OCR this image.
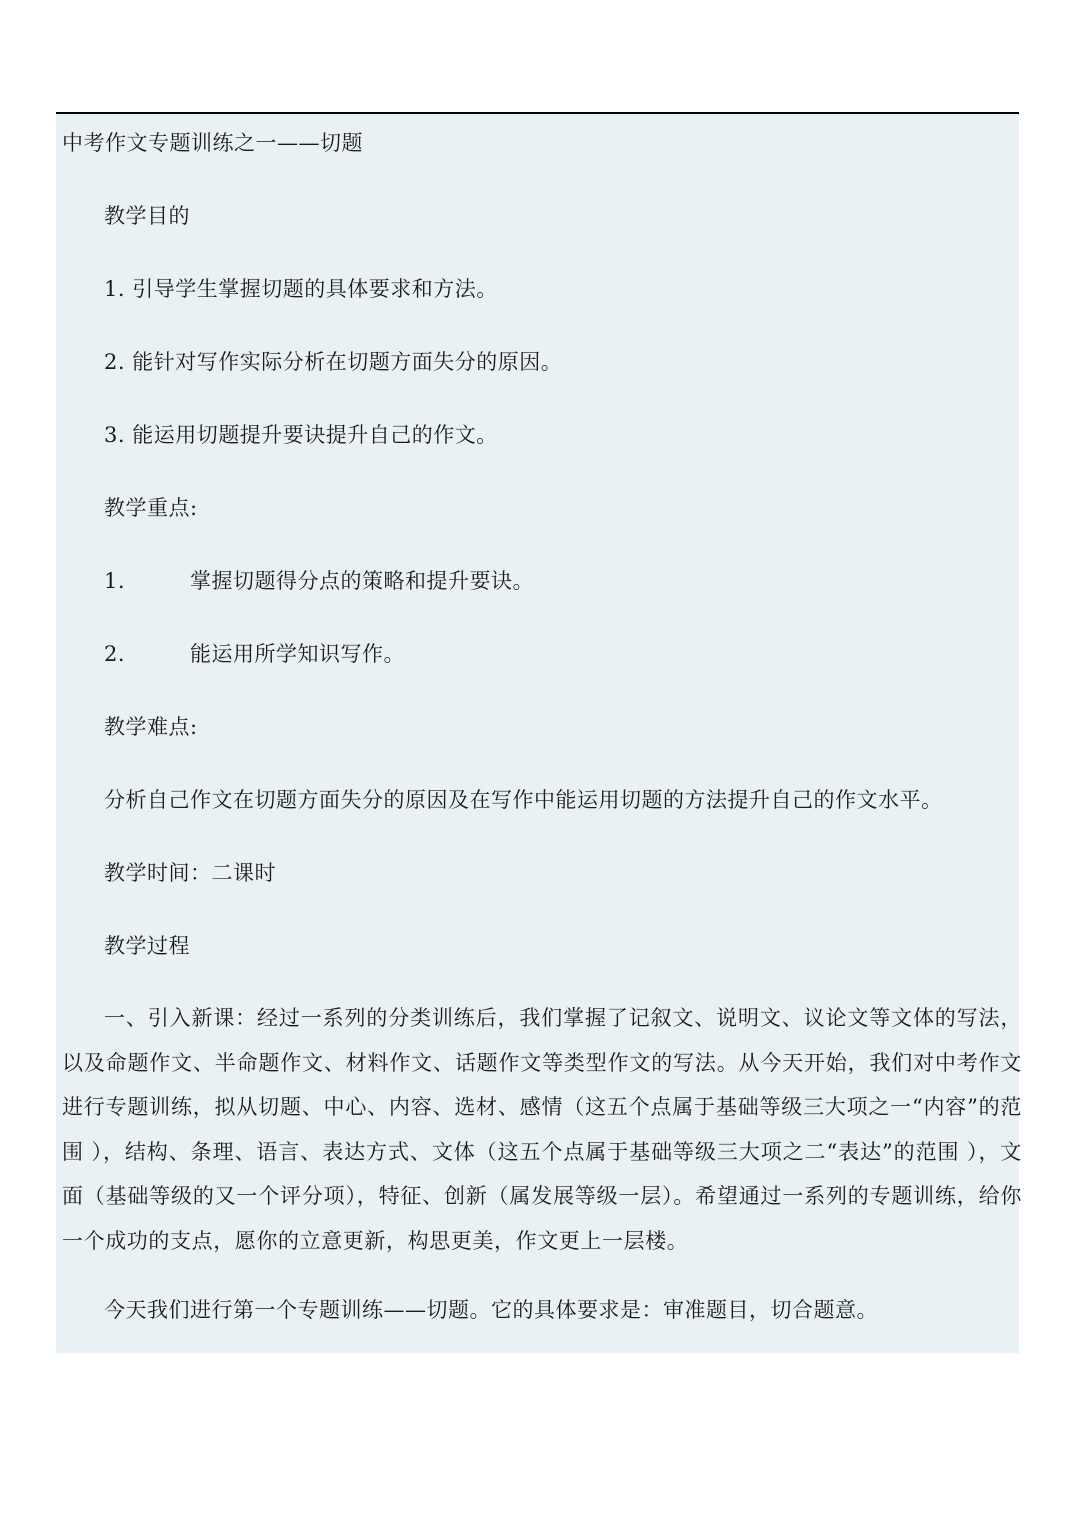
中考作文专题训练之一——切题
教学目的
1. 引导学生掌握切题的具体要求和方法。
2. 能针对写作实际分析在切题方面失分的原因。
3. 能运用切题提升要诀提升自己的作文。
教学重点:
1.	掌握切题得分点的策略和提升要诀。
2.	能运用所学知识写作。
教学难点:
分析自己作文在切题方面失分的原因及在写作中能运用切题的方法提升自己的作文水平。
教学时间：二课时
教学过程
一、引入新课：经过一系列的分类训练后，我们掌握了记叙文、说明文、议论文等文体的写法，以及命题作文、半命题作文、材料作文、话题作文等类型作文的写法。从今天开始，我们对中考作文进行专题训练，拟从切题、中心、内容、选材、感情（这五个点属于基础等级三大项之一“内容”的范围 ），结构、条理、语言、表达方式、文体（这五个点属于基础等级三大项之二“表达”的范围 ），文面（基础等级的又一个评分项），特征、创新（属发展等级一层）。希望通过一系列的专题训练，给你一个成功的支点，愿你的立意更新，构思更美，作文更上一层楼。
今天我们进行第一个专题训练——切题。它的具体要求是：审准题目，切合题意。
